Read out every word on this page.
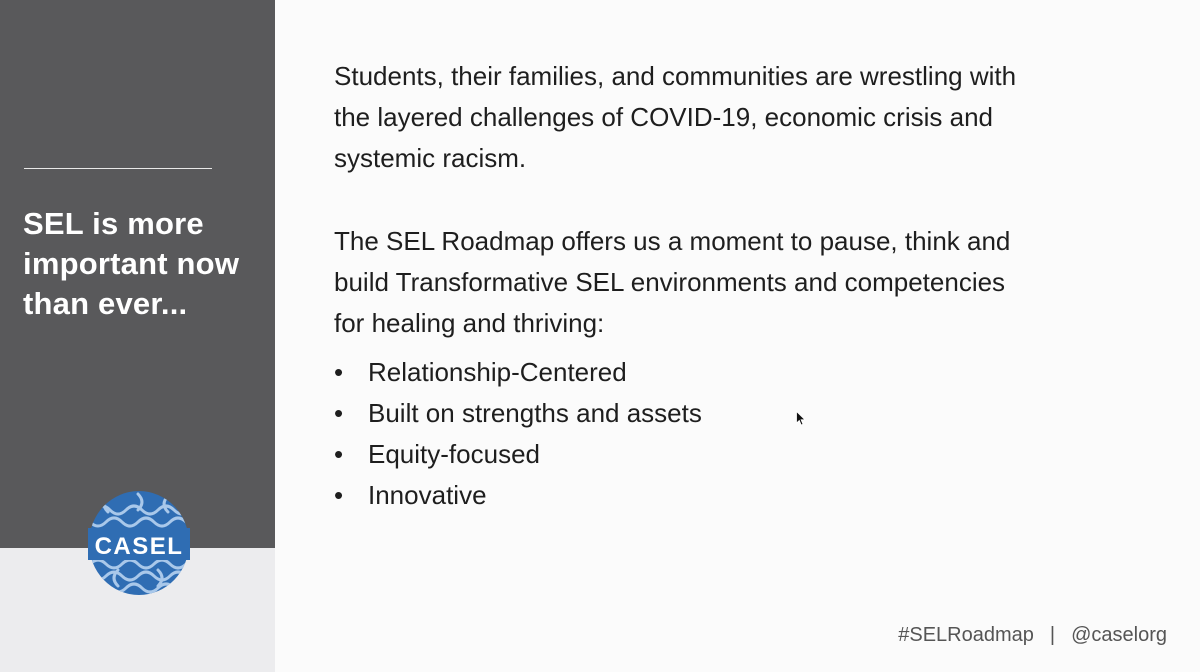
SEL is more
important now
than ever...
CASEL

Students, their families, and communities are wrestling with
the layered challenges of COVID-19, economic crisis and
systemic racism.

The SEL Roadmap offers us a moment to pause, think and
build Transformative SEL environments and competencies
for healing and thriving:

• Relationship-Centered
• Built on strengths and assets
• Equity-focused
• Innovative
#SELRoadmap | @caselorg
